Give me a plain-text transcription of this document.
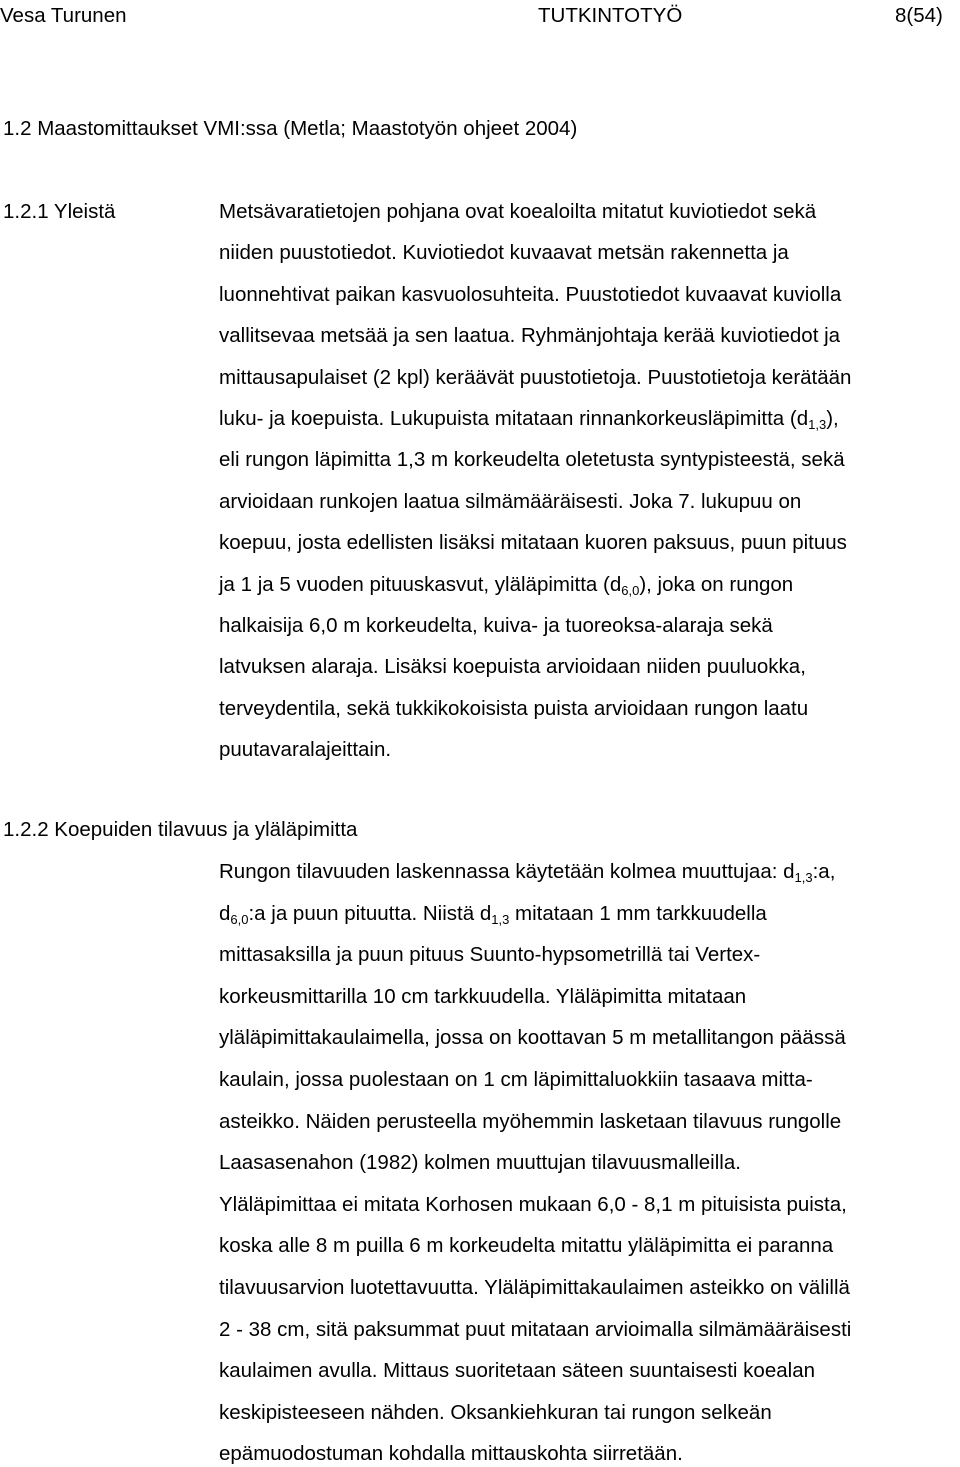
Vesa Turunen	TUTKINTOTYÖ	8(54)
1.2 Maastomittaukset VMI:ssa (Metla; Maastotyön ohjeet 2004)
1.2.1 Yleistä	Metsävaratietojen pohjana ovat koealoilta mitatut kuviotiedot sekä
niiden puustotiedot. Kuviotiedot kuvaavat metsän rakennetta ja
luonnehtivat paikan kasvuolosuhteita. Puustotiedot kuvaavat kuviolla
vallitsevaa metsää ja sen laatua. Ryhmänjohtaja kerää kuviotiedot ja
mittausapulaiset (2 kpl) keräävät puustotietoja. Puustotietoja kerätään
luku- ja koepuista. Lukupuista mitataan rinnankorkeusläpimitta $(d_{1,3})$,
eli rungon läpimitta 1,3 m korkeudelta oletetusta syntypisteestä, sekä
arvioidaan runkojen laatua silmämääräisesti. Joka 7. lukupuu on
koepuu, josta edellisten lisäksi mitataan kuoren paksuus, puun pituus
ja 1 ja 5 vuoden pituuskasvut, yläläpimitta $(d_{6,0})$, joka on rungon
halkaisija 6,0 m korkeudelta, kuiva- ja tuoreoksa-alaraja sekä
latvuksen alaraja. Lisäksi koepuista arvioidaan niiden puuluokka,
terveydentila, sekä tukkikokoisista puista arvioidaan rungon laatu
puutavaralajeittain.
1.2.2 Koepuiden tilavuus ja yläläpimitta
Rungon tilavuuden laskennassa käytetään kolmea muuttujaa: $d_{1,3}:a$,
$d_{6,0}:a$ ja puun pituutta. Niistä $d_{1,3}$ mitataan 1 mm tarkkuudella
mittasaksilla ja puun pituus Suunto-hypsometrillä tai Vertex-
korkeusmittarilla 10 cm tarkkuudella. Yläläpimitta mitataan
yläläpimittakaulaimella, jossa on koottavan 5 m metallitangon päässä
kaulain, jossa puolestaan on 1 cm läpimittaluokkiin tasaava mitta-
asteikko. Näiden perusteella myöhemmin lasketaan tilavuus rungolle
Laasasenahon (1982) kolmen muuttujan tilavuusmalleilla.
Yläläpimittaa ei mitata Korhosen mukaan 6,0 - 8,1 m pituisista puista,
koska alle 8 m puilla 6 m korkeudelta mitattu yläläpimitta ei paranna
tilavuusarvion luotettavuutta. Yläläpimittakaulaimen asteikko on välillä
2 - 38 cm, sitä paksummat puut mitataan arvioimalla silmämääräisesti
kaulaimen avulla. Mittaus suoritetaan säteen suuntaisesti koealan
keskipisteeseen nähden. Oksankiehkuran tai rungon selkeän
epämuodostuman kohdalla mittauskohta siirretään.
